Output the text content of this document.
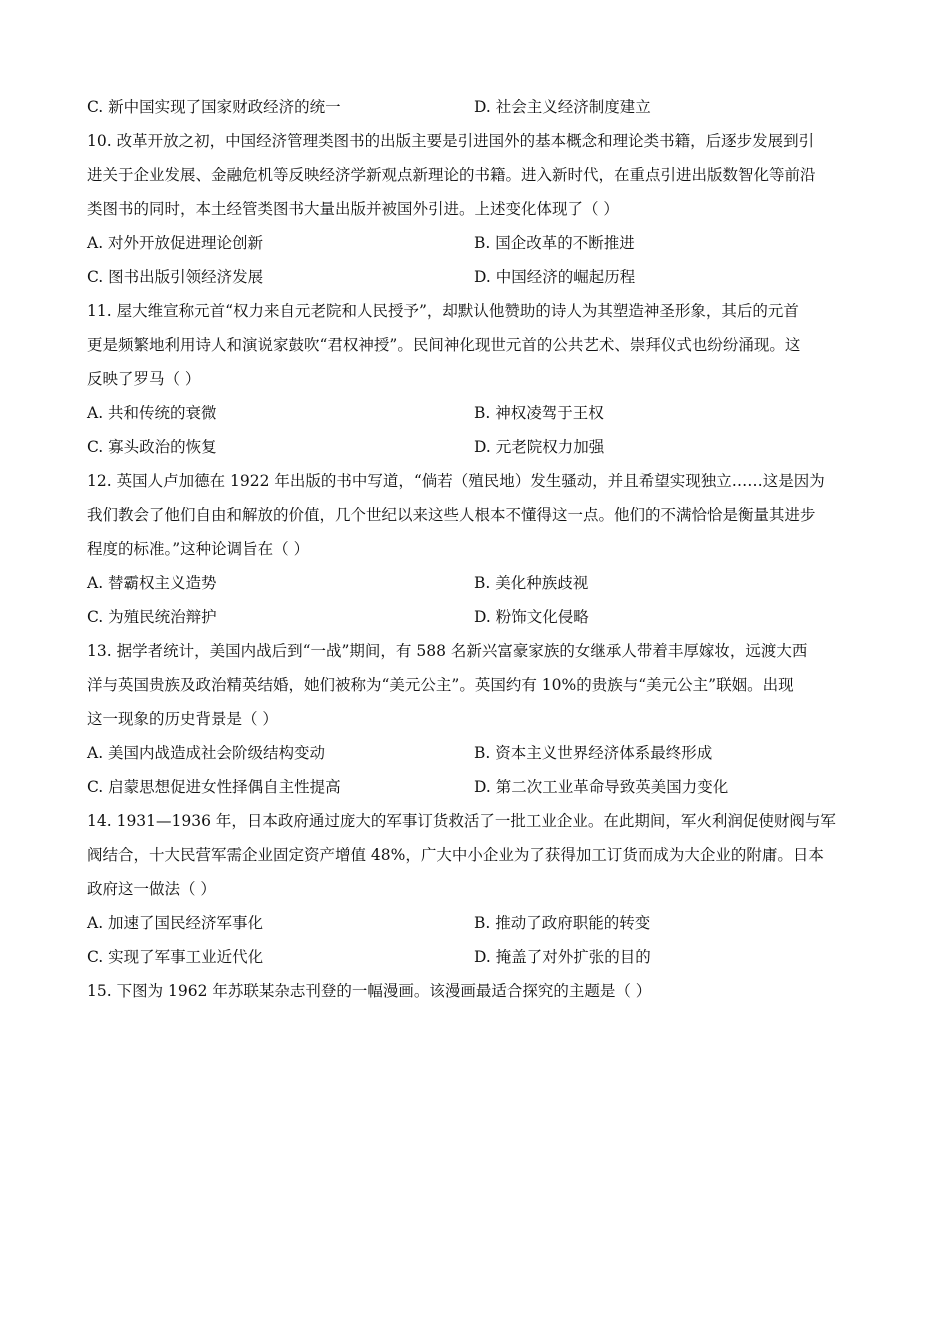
C. 新中国实现了国家财政经济的统一	D. 社会主义经济制度建立
10. 改革开放之初，中国经济管理类图书的出版主要是引进国外的基本概念和理论类书籍，后逐步发展到引
进关于企业发展、金融危机等反映经济学新观点新理论的书籍。进入新时代，在重点引进出版数智化等前沿
类图书的同时，本土经管类图书大量出版并被国外引进。上述变化体现了（ ）
A. 对外开放促进理论创新	B. 国企改革的不断推进
C. 图书出版引领经济发展	D. 中国经济的崛起历程
11. 屋大维宣称元首“权力来自元老院和人民授予”，却默认他赞助的诗人为其塑造神圣形象，其后的元首
更是频繁地利用诗人和演说家鼓吹“君权神授”。民间神化现世元首的公共艺术、崇拜仪式也纷纷涌现。这
反映了罗马（ ）
A. 共和传统的衰微	B. 神权凌驾于王权
C. 寡头政治的恢复	D. 元老院权力加强
12. 英国人卢加德在 1922 年出版的书中写道，“倘若（殖民地）发生骚动，并且希望实现独立……这是因为
我们教会了他们自由和解放的价值，几个世纪以来这些人根本不懂得这一点。他们的不满恰恰是衡量其进步
程度的标准。”这种论调旨在（ ）
A. 替霸权主义造势	B. 美化种族歧视
C. 为殖民统治辩护	D. 粉饰文化侵略
13. 据学者统计，美国内战后到“一战”期间，有 588 名新兴富豪家族的女继承人带着丰厚嫁妆，远渡大西
洋与英国贵族及政治精英结婚，她们被称为“美元公主”。英国约有 10%的贵族与“美元公主”联姻。出现
这一现象的历史背景是（ ）
A. 美国内战造成社会阶级结构变动	B. 资本主义世界经济体系最终形成
C. 启蒙思想促进女性择偶自主性提高	D. 第二次工业革命导致英美国力变化
14. 1931—1936 年，日本政府通过庞大的军事订货救活了一批工业企业。在此期间，军火利润促使财阀与军
阀结合，十大民营军需企业固定资产增值 48%，广大中小企业为了获得加工订货而成为大企业的附庸。日本
政府这一做法（ ）
A. 加速了国民经济军事化	B. 推动了政府职能的转变
C. 实现了军事工业近代化	D. 掩盖了对外扩张的目的
15. 下图为 1962 年苏联某杂志刊登的一幅漫画。该漫画最适合探究的主题是（ ）
